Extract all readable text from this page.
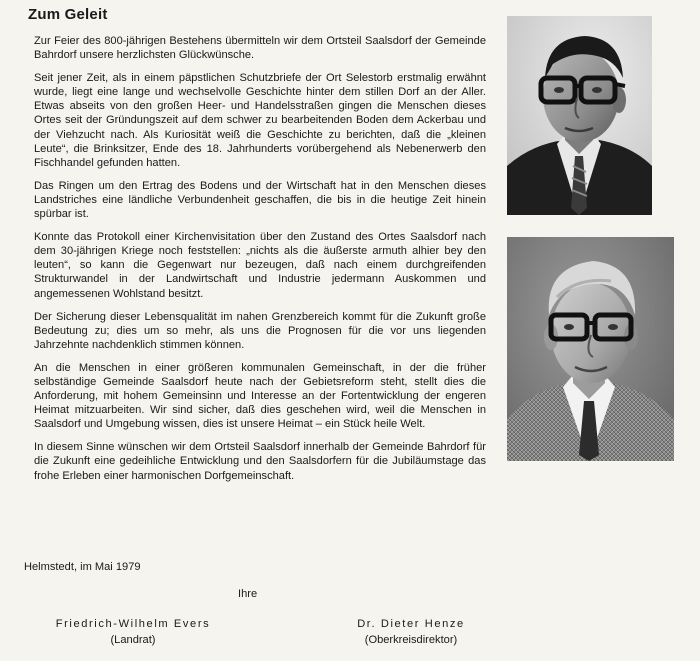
Zum Geleit

Zur Feier des 800-jährigen Bestehens übermitteln wir dem Ortsteil Saalsdorf der Gemeinde Bahrdorf unsere herzlichsten Glückwünsche.

Seit jener Zeit, als in einem päpstlichen Schutzbriefe der Ort Selestorb erstmalig erwähnt wurde, liegt eine lange und wechselvolle Geschichte hinter dem stillen Dorf an der Aller. Etwas abseits von den großen Heer- und Handelsstraßen gingen die Menschen dieses Ortes seit der Gründungszeit auf dem schwer zu bearbeitenden Boden dem Ackerbau und der Viehzucht nach. Als Kuriosität weiß die Geschichte zu berichten, daß die „kleinen Leute“, die Brinksitzer, Ende des 18. Jahrhunderts vorübergehend als Nebenerwerb den Fischhandel gefunden hatten.

Das Ringen um den Ertrag des Bodens und der Wirtschaft hat in den Menschen dieses Landstriches eine ländliche Verbundenheit geschaffen, die bis in die heutige Zeit hinein spürbar ist.

Konnte das Protokoll einer Kirchenvisitation über den Zustand des Ortes Saalsdorf nach dem 30-jährigen Kriege noch feststellen: „nichts als die äußerste armuth alhier bey den leuten“, so kann die Gegenwart nur bezeugen, daß nach einem durchgreifenden Strukturwandel in der Landwirtschaft und Industrie jedermann Auskommen und angemessenen Wohlstand besitzt.

Der Sicherung dieser Lebensqualität im nahen Grenzbereich kommt für die Zukunft große Bedeutung zu; dies um so mehr, als uns die Prognosen für die vor uns liegenden Jahrzehnte nachdenklich stimmen können.

An die Menschen in einer größeren kommunalen Gemeinschaft, in der die früher selbständige Gemeinde Saalsdorf heute nach der Gebietsreform steht, stellt dies die Anforderung, mit hohem Gemeinsinn und Interesse an der Fortentwicklung der engeren Heimat mitzuarbeiten. Wir sind sicher, daß dies geschehen wird, weil die Menschen in Saalsdorf und Umgebung wissen, dies ist unsere Heimat – ein Stück heile Welt.

In diesem Sinne wünschen wir dem Ortsteil Saalsdorf innerhalb der Gemeinde Bahrdorf für die Zukunft eine gedeihliche Entwicklung und den Saalsdorfern für die Jubiläumstage das frohe Erleben einer harmonischen Dorfgemeinschaft.

Helmstedt, im Mai 1979
Ihre
Friedrich-Wilhelm Evers
(Landrat)
Dr. Dieter Henze
(Oberkreisdirektor)
